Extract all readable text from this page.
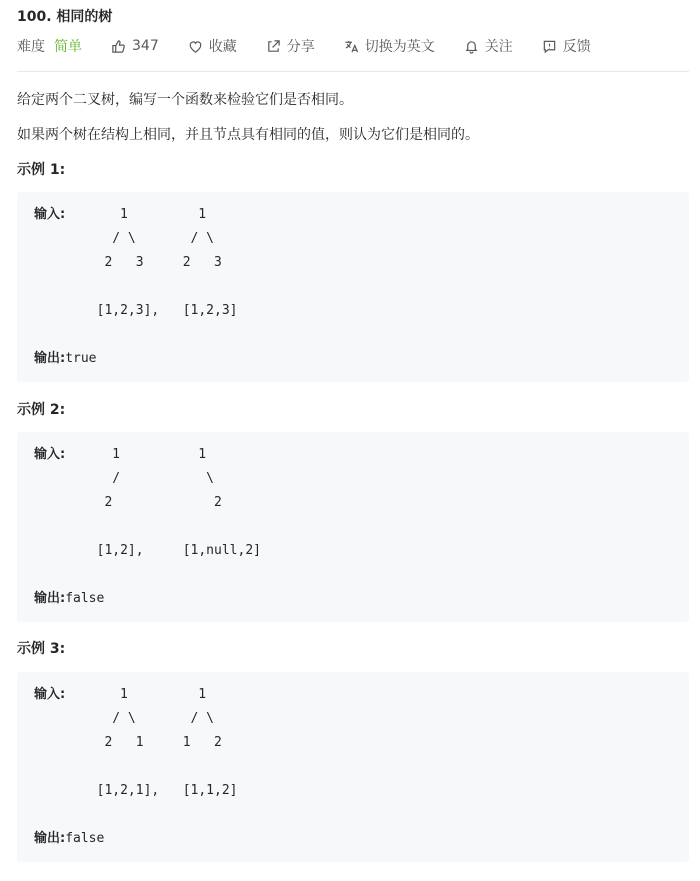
100. 相同的树
难度 简单	347	收藏	分享	切换为英文	关注	反馈
给定两个二叉树，编写一个函数来检验它们是否相同。
如果两个树在结构上相同，并且节点具有相同的值，则认为它们是相同的。
示例 1:
输入:	1         1
/ \       / \
2   3     2   3

[1,2,3],   [1,2,3]

输出:true
示例 2:
输入:	1          1
/           \
2             2

[1,2],     [1,null,2]

输出:false
示例 3:
输入:	1         1
/ \       / \
2   1     1   2

[1,2,1],   [1,1,2]

输出:false
